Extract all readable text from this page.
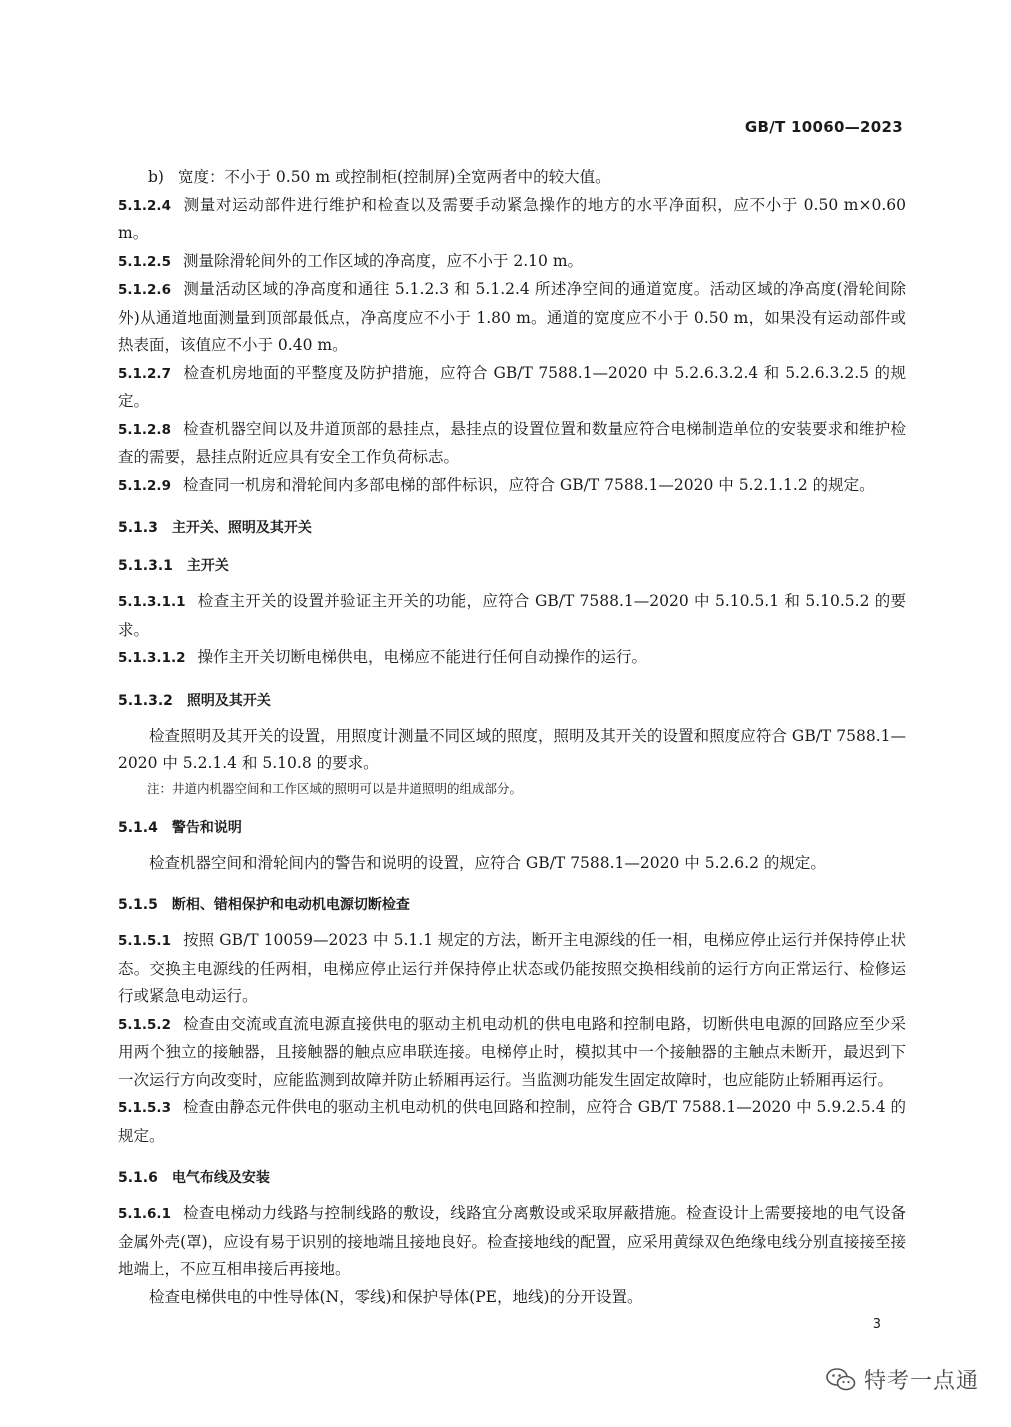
GB/T 10060—2023

b) 宽度：不小于 0.50 m 或控制柜(控制屏)全宽两者中的较大值。

5.1.2.4 测量对运动部件进行维护和检查以及需要手动紧急操作的地方的水平净面积，应不小于 0.50 m×0.60 m。

5.1.2.5 测量除滑轮间外的工作区域的净高度，应不小于 2.10 m。

5.1.2.6 测量活动区域的净高度和通往 5.1.2.3 和 5.1.2.4 所述净空间的通道宽度。活动区域的净高度(滑轮间除外)从通道地面测量到顶部最低点，净高度应不小于 1.80 m。通道的宽度应不小于 0.50 m，如果没有运动部件或热表面，该值应不小于 0.40 m。

5.1.2.7 检查机房地面的平整度及防护措施，应符合 GB/T 7588.1—2020 中 5.2.6.3.2.4 和 5.2.6.3.2.5 的规定。

5.1.2.8 检查机器空间以及井道顶部的悬挂点，悬挂点的设置位置和数量应符合电梯制造单位的安装要求和维护检查的需要，悬挂点附近应具有安全工作负荷标志。

5.1.2.9 检查同一机房和滑轮间内多部电梯的部件标识，应符合 GB/T 7588.1—2020 中 5.2.1.1.2 的规定。

5.1.3 主开关、照明及其开关
5.1.3.1 主开关

5.1.3.1.1 检查主开关的设置并验证主开关的功能，应符合 GB/T 7588.1—2020 中 5.10.5.1 和 5.10.5.2 的要求。

5.1.3.1.2 操作主开关切断电梯供电，电梯应不能进行任何自动操作的运行。

5.1.3.2 照明及其开关

检查照明及其开关的设置，用照度计测量不同区域的照度，照明及其开关的设置和照度应符合 GB/T 7588.1—2020 中 5.2.1.4 和 5.10.8 的要求。

注：井道内机器空间和工作区域的照明可以是井道照明的组成部分。

5.1.4 警告和说明

检查机器空间和滑轮间内的警告和说明的设置，应符合 GB/T 7588.1—2020 中 5.2.6.2 的规定。

5.1.5 断相、错相保护和电动机电源切断检查

5.1.5.1 按照 GB/T 10059—2023 中 5.1.1 规定的方法，断开主电源线的任一相，电梯应停止运行并保持停止状态。交换主电源线的任两相，电梯应停止运行并保持停止状态或仍能按照交换相线前的运行方向正常运行、检修运行或紧急电动运行。

5.1.5.2 检查由交流或直流电源直接供电的驱动主机电动机的供电电路和控制电路，切断供电电源的回路应至少采用两个独立的接触器，且接触器的触点应串联连接。电梯停止时，模拟其中一个接触器的主触点未断开，最迟到下一次运行方向改变时，应能监测到故障并防止轿厢再运行。当监测功能发生固定故障时，也应能防止轿厢再运行。

5.1.5.3 检查由静态元件供电的驱动主机电动机的供电回路和控制，应符合 GB/T 7588.1—2020 中 5.9.2.5.4 的规定。

5.1.6 电气布线及安装

5.1.6.1 检查电梯动力线路与控制线路的敷设，线路宜分离敷设或采取屏蔽措施。检查设计上需要接地的电气设备金属外壳(罩)，应设有易于识别的接地端且接地良好。检查接地线的配置，应采用黄绿双色绝缘电线分别直接接至接地端上，不应互相串接后再接地。

检查电梯供电的中性导体(N，零线)和保护导体(PE，地线)的分开设置。

3
特考一点通
